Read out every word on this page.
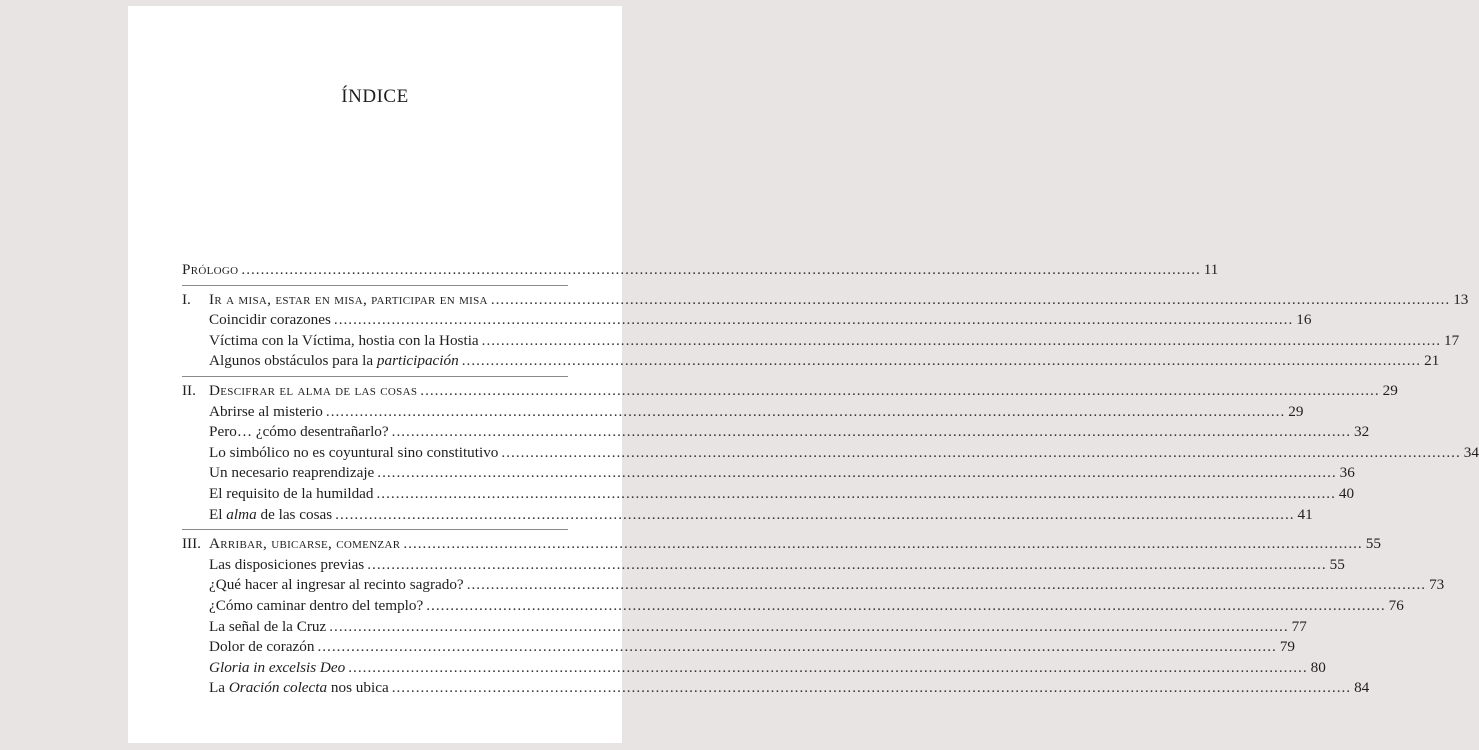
ÍNDICE
Prólogo ........................................................................................................................................................................................................ 11
I.	Ir a misa, estar en misa, participar en misa ........................................................................................................................................................................................................ 13
Coincidir corazones ........................................................................................................................................................................................................ 16
Víctima con la Víctima, hostia con la Hostia ........................................................................................................................................................................................................ 17
Algunos obstáculos para la participación ........................................................................................................................................................................................................ 21
II. Descifrar el alma de las cosas ........................................................................................................................................................................................................ 29
Abrirse al misterio ........................................................................................................................................................................................................ 29
Pero… ¿cómo desentrañarlo? ........................................................................................................................................................................................................ 32
Lo simbólico no es coyuntural sino constitutivo ........................................................................................................................................................................................................ 34
Un necesario reaprendizaje ........................................................................................................................................................................................................ 36
El requisito de la humildad ........................................................................................................................................................................................................ 40
El alma de las cosas ........................................................................................................................................................................................................ 41
III. Arribar, ubicarse, comenzar ........................................................................................................................................................................................................ 55
Las disposiciones previas ........................................................................................................................................................................................................ 55
¿Qué hacer al ingresar al recinto sagrado? ........................................................................................................................................................................................................ 73
¿Cómo caminar dentro del templo? ........................................................................................................................................................................................................ 76
La señal de la Cruz ........................................................................................................................................................................................................ 77
Dolor de corazón ........................................................................................................................................................................................................ 79
Gloria in excelsis Deo ........................................................................................................................................................................................................ 80
La Oración colecta nos ubica ........................................................................................................................................................................................................ 84
